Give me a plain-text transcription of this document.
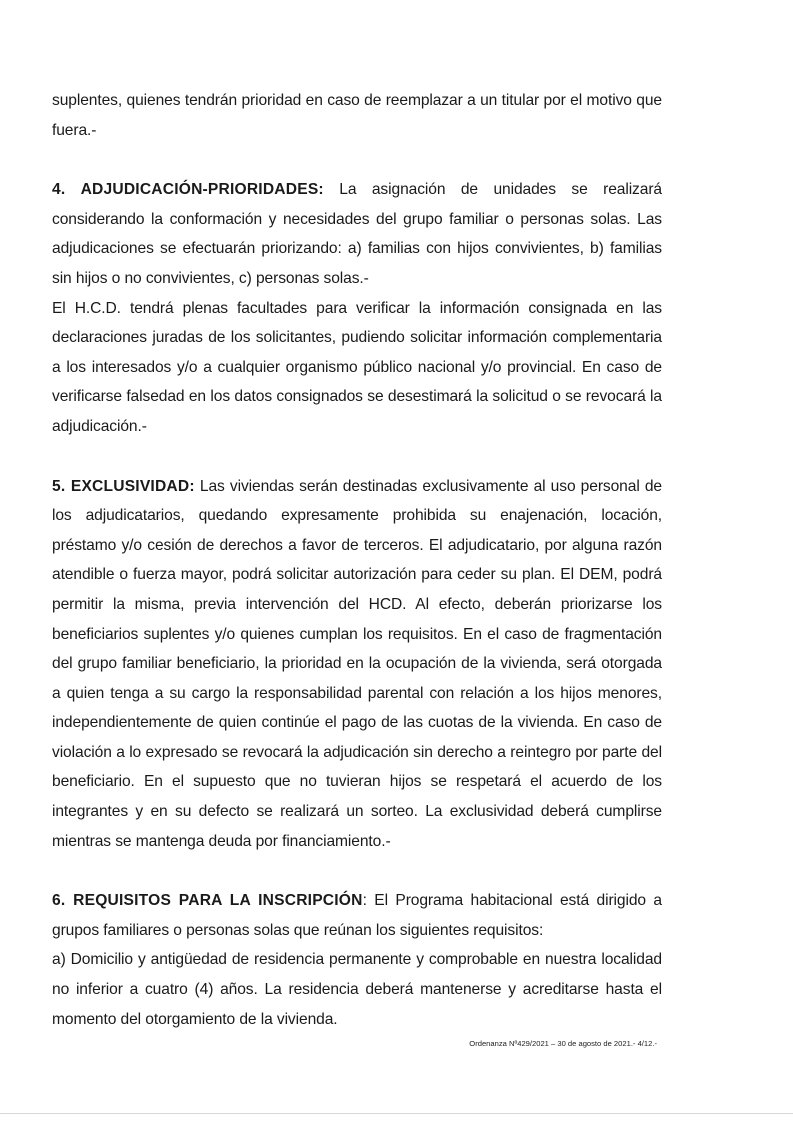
suplentes, quienes tendrán prioridad en caso de reemplazar a un titular por el motivo que fuera.-

4. ADJUDICACIÓN-PRIORIDADES: La asignación de unidades se realizará considerando la conformación y necesidades del grupo familiar o personas solas. Las adjudicaciones se efectuarán priorizando: a) familias con hijos convivientes, b) familias sin hijos o no convivientes, c) personas solas.-

El H.C.D. tendrá plenas facultades para verificar la información consignada en las declaraciones juradas de los solicitantes, pudiendo solicitar información complementaria a los interesados y/o a cualquier organismo público nacional y/o provincial. En caso de verificarse falsedad en los datos consignados se desestimará la solicitud o se revocará la adjudicación.-

5. EXCLUSIVIDAD: Las viviendas serán destinadas exclusivamente al uso personal de los adjudicatarios, quedando expresamente prohibida su enajenación, locación, préstamo y/o cesión de derechos a favor de terceros. El adjudicatario, por alguna razón atendible o fuerza mayor, podrá solicitar autorización para ceder su plan. El DEM, podrá permitir la misma, previa intervención del HCD. Al efecto, deberán priorizarse los beneficiarios suplentes y/o quienes cumplan los requisitos. En el caso de fragmentación del grupo familiar beneficiario, la prioridad en la ocupación de la vivienda, será otorgada a quien tenga a su cargo la responsabilidad parental con relación a los hijos menores, independientemente de quien continúe el pago de las cuotas de la vivienda. En caso de violación a lo expresado se revocará la adjudicación sin derecho a reintegro por parte del beneficiario. En el supuesto que no tuvieran hijos se respetará el acuerdo de los integrantes y en su defecto se realizará un sorteo. La exclusividad deberá cumplirse mientras se mantenga deuda por financiamiento.-

6. REQUISITOS PARA LA INSCRIPCIÓN: El Programa habitacional está dirigido a grupos familiares o personas solas que reúnan los siguientes requisitos:

a) Domicilio y antigüedad de residencia permanente y comprobable en nuestra localidad no inferior a cuatro (4) años. La residencia deberá mantenerse y acreditarse hasta el momento del otorgamiento de la vivienda.

Ordenanza Nº429/2021 – 30 de agosto de 2021.- 4/12.-
